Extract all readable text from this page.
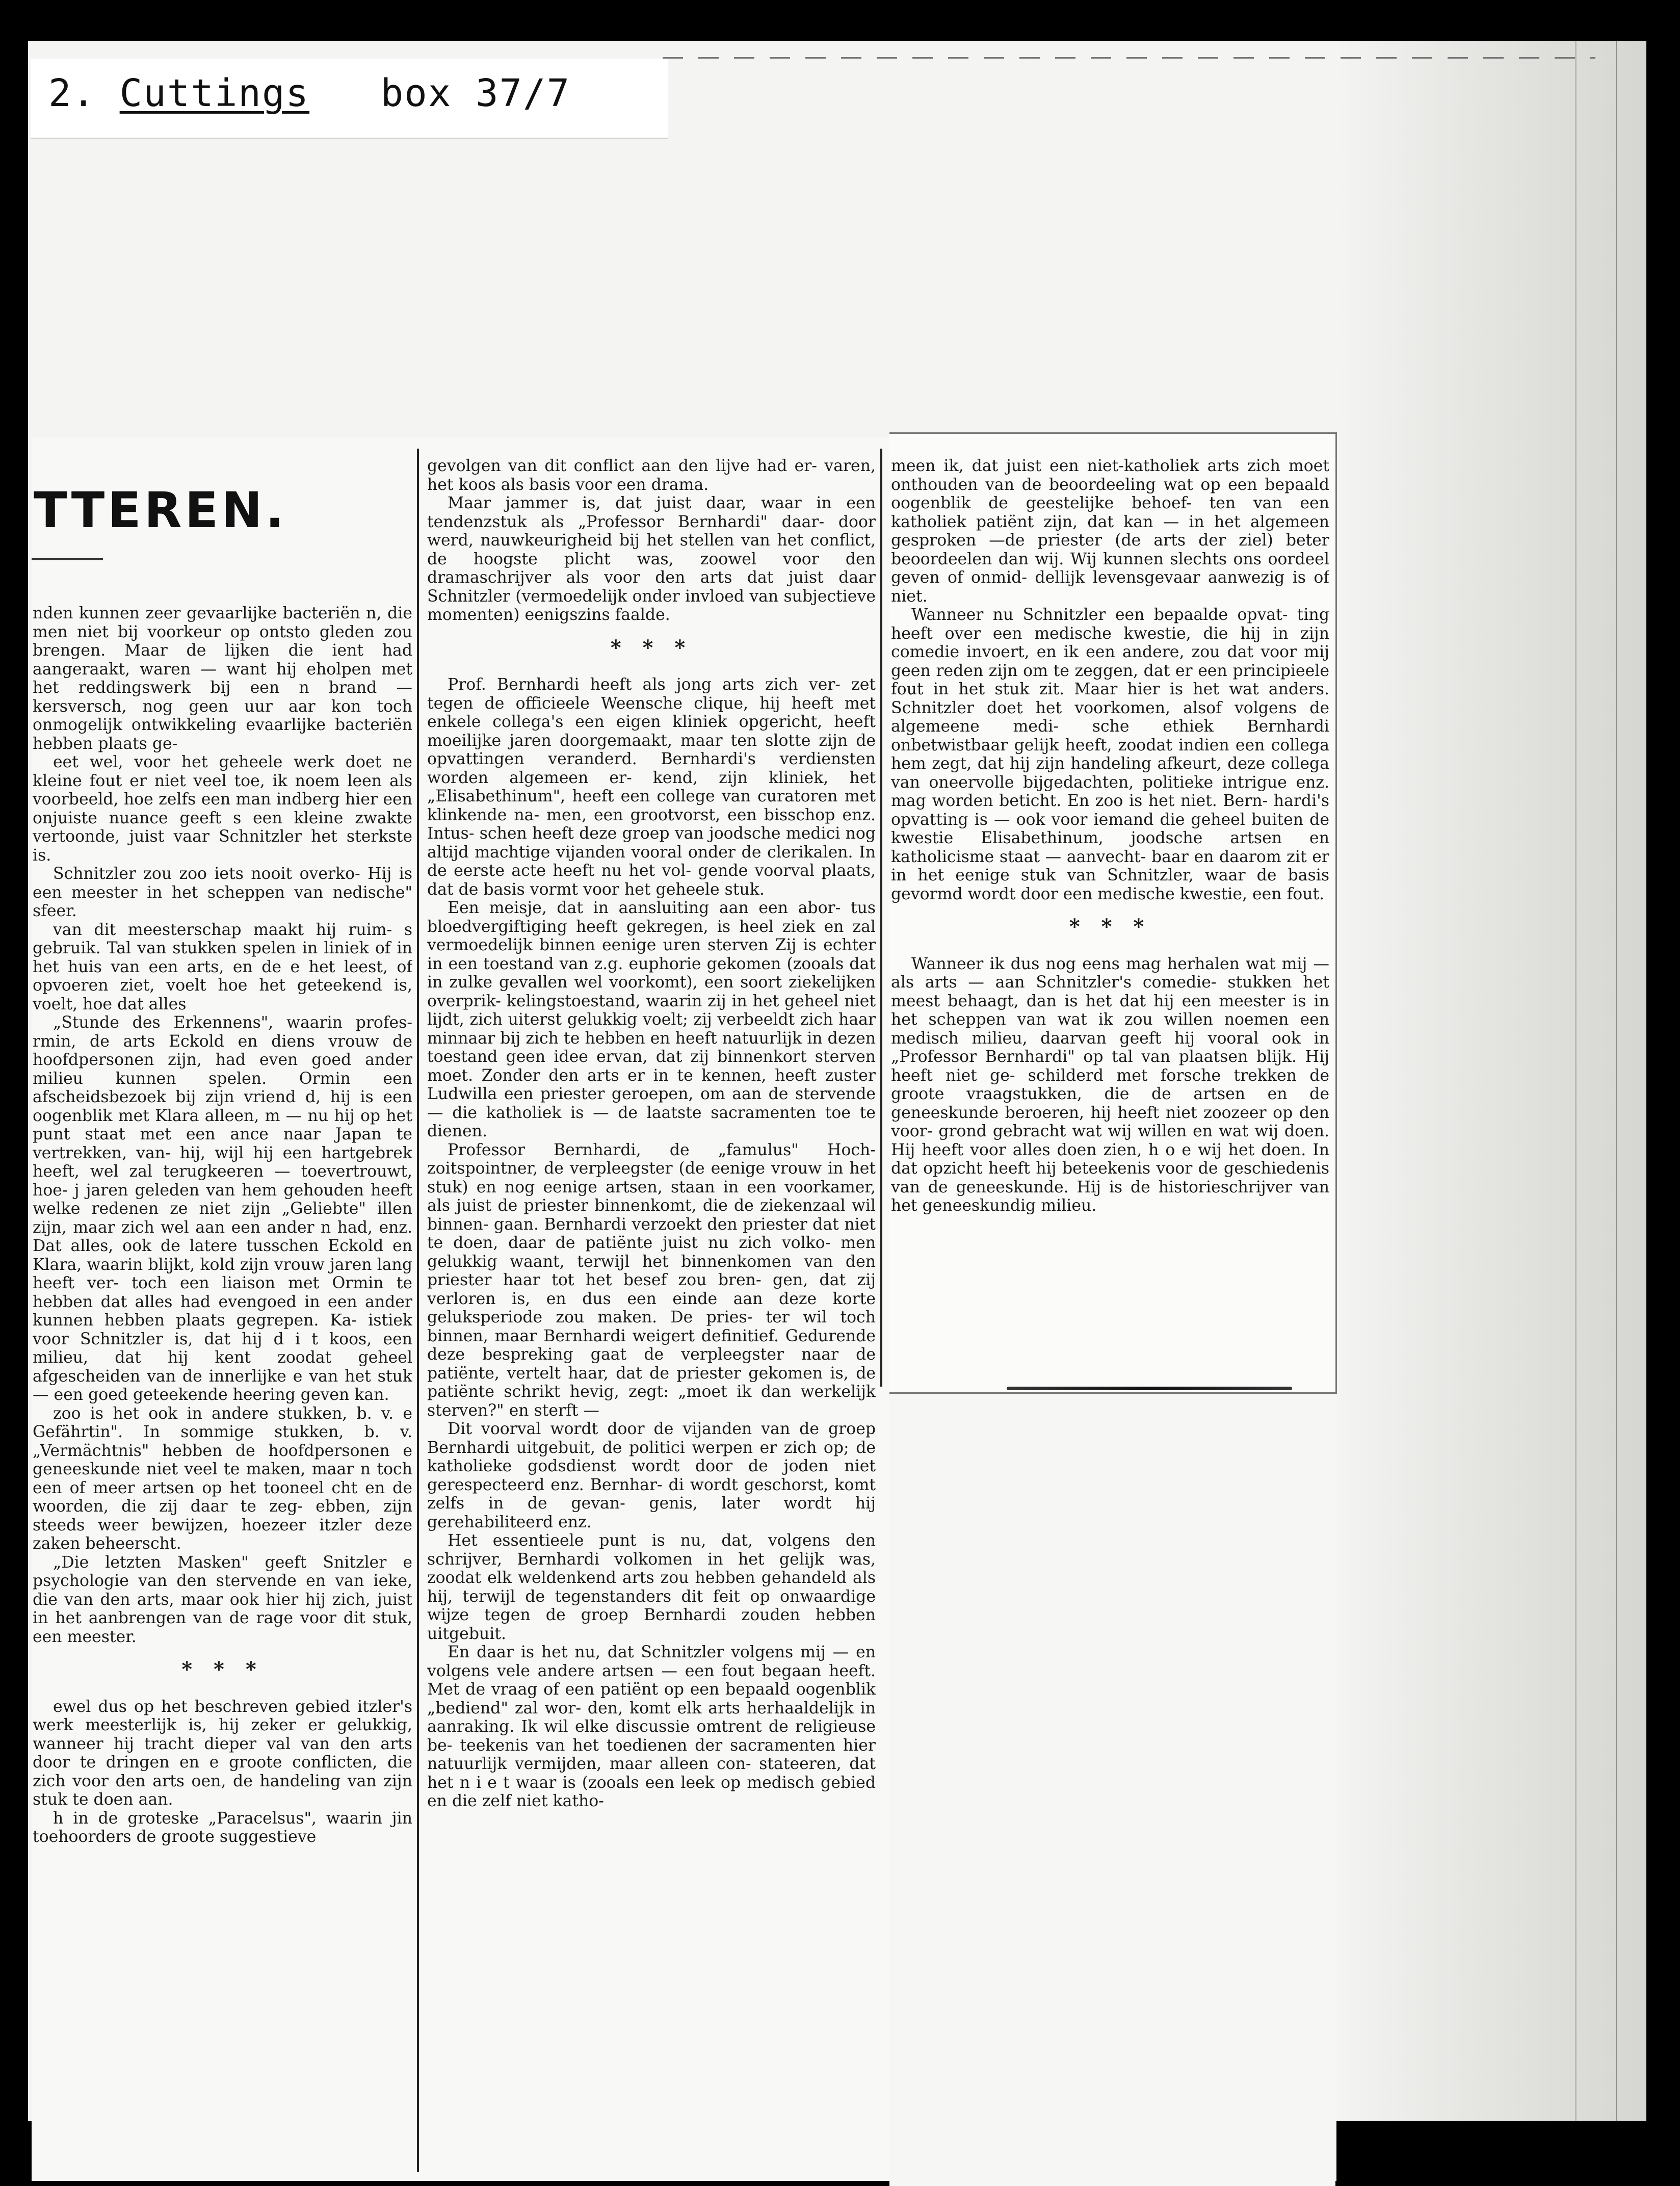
2. Cuttings box 37/7
TTEREN.

nden kunnen zeer gevaarlijke bacteriën n, die men niet bij voorkeur op ontsto gleden zou brengen. Maar de lijken die ient had aangeraakt, waren — want hij eholpen met het reddingswerk bij een n brand — kersversch, nog geen uur aar kon toch onmogelijk ontwikkeling evaarlijke bacteriën hebben plaats ge-

eet wel, voor het geheele werk doet ne kleine fout er niet veel toe, ik noem leen als voorbeeld, hoe zelfs een man indberg hier een onjuiste nuance geeft s een kleine zwakte vertoonde, juist vaar Schnitzler het sterkste is.

Schnitzler zou zoo iets nooit overko- Hij is een meester in het scheppen van nedische" sfeer.

van dit meesterschap maakt hij ruim- s gebruik. Tal van stukken spelen in liniek of in het huis van een arts, en de e het leest, of opvoeren ziet, voelt hoe het geteekend is, voelt, hoe dat alles

„Stunde des Erkennens", waarin profes- rmin, de arts Eckold en diens vrouw de hoofdpersonen zijn, had even goed ander milieu kunnen spelen. Ormin een afscheidsbezoek bij zijn vriend d, hij is een oogenblik met Klara alleen, m — nu hij op het punt staat met een ance naar Japan te vertrekken, van- hij, wijl hij een hartgebrek heeft, wel zal terugkeeren — toevertrouwt, hoe- j jaren geleden van hem gehouden heeft welke redenen ze niet zijn „Geliebte" illen zijn, maar zich wel aan een ander n had, enz. Dat alles, ook de latere tusschen Eckold en Klara, waarin blijkt, kold zijn vrouw jaren lang heeft ver- toch een liaison met Ormin te hebben dat alles had evengoed in een ander kunnen hebben plaats gegrepen. Ka- istiek voor Schnitzler is, dat hij d i t koos, een milieu, dat hij kent zoodat geheel afgescheiden van de innerlijke e van het stuk — een goed geteekende heering geven kan.

zoo is het ook in andere stukken, b. v. e Gefährtin". In sommige stukken, b. v. „Vermächtnis" hebben de hoofdpersonen e geneeskunde niet veel te maken, maar n toch een of meer artsen op het tooneel cht en de woorden, die zij daar te zeg- ebben, zijn steeds weer bewijzen, hoezeer itzler deze zaken beheerscht.

„Die letzten Masken" geeft Snitzler e psychologie van den stervende en van ieke, die van den arts, maar ook hier hij zich, juist in het aanbrengen van de rage voor dit stuk, een meester.

* * *

ewel dus op het beschreven gebied itzler's werk meesterlijk is, hij zeker er gelukkig, wanneer hij tracht dieper val van den arts door te dringen en e groote conflicten, die zich voor den arts oen, de handeling van zijn stuk te doen aan.

h in de groteske „Paracelsus", waarin jin toehoorders de groote suggestieve

gevolgen van dit conflict aan den lijve had er- varen, het koos als basis voor een drama.

Maar jammer is, dat juist daar, waar in een tendenzstuk als „Professor Bernhardi" daar- door werd, nauwkeurigheid bij het stellen van het conflict, de hoogste plicht was, zoowel voor den dramaschrijver als voor den arts dat juist daar Schnitzler (vermoedelijk onder invloed van subjectieve momenten) eenigszins faalde.

* * *

Prof. Bernhardi heeft als jong arts zich ver- zet tegen de officieele Weensche clique, hij heeft met enkele collega's een eigen kliniek opgericht, heeft moeilijke jaren doorgemaakt, maar ten slotte zijn de opvattingen veranderd. Bernhardi's verdiensten worden algemeen er- kend, zijn kliniek, het „Elisabethinum", heeft een college van curatoren met klinkende na- men, een grootvorst, een bisschop enz. Intus- schen heeft deze groep van joodsche medici nog altijd machtige vijanden vooral onder de clerikalen. In de eerste acte heeft nu het vol- gende voorval plaats, dat de basis vormt voor het geheele stuk.

Een meisje, dat in aansluiting aan een abor- tus bloedvergiftiging heeft gekregen, is heel ziek en zal vermoedelijk binnen eenige uren sterven Zij is echter in een toestand van z.g. euphorie gekomen (zooals dat in zulke gevallen wel voorkomt), een soort ziekelijken overprik- kelingstoestand, waarin zij in het geheel niet lijdt, zich uiterst gelukkig voelt; zij verbeeldt zich haar minnaar bij zich te hebben en heeft natuurlijk in dezen toestand geen idee ervan, dat zij binnenkort sterven moet. Zonder den arts er in te kennen, heeft zuster Ludwilla een priester geroepen, om aan de stervende — die katholiek is — de laatste sacramenten toe te dienen.

Professor Bernhardi, de „famulus" Hoch- zoitspointner, de verpleegster (de eenige vrouw in het stuk) en nog eenige artsen, staan in een voorkamer, als juist de priester binnenkomt, die de ziekenzaal wil binnen- gaan. Bernhardi verzoekt den priester dat niet te doen, daar de patiënte juist nu zich volko- men gelukkig waant, terwijl het binnenkomen van den priester haar tot het besef zou bren- gen, dat zij verloren is, en dus een einde aan deze korte geluksperiode zou maken. De pries- ter wil toch binnen, maar Bernhardi weigert definitief. Gedurende deze bespreking gaat de verpleegster naar de patiënte, vertelt haar, dat de priester gekomen is, de patiënte schrikt hevig, zegt: „moet ik dan werkelijk sterven?" en sterft —

Dit voorval wordt door de vijanden van de groep Bernhardi uitgebuit, de politici werpen er zich op; de katholieke godsdienst wordt door de joden niet gerespecteerd enz. Bernhar- di wordt geschorst, komt zelfs in de gevan- genis, later wordt hij gerehabiliteerd enz.

Het essentieele punt is nu, dat, volgens den schrijver, Bernhardi volkomen in het gelijk was, zoodat elk weldenkend arts zou hebben gehandeld als hij, terwijl de tegenstanders dit feit op onwaardige wijze tegen de groep Bernhardi zouden hebben uitgebuit.

En daar is het nu, dat Schnitzler volgens mij — en volgens vele andere artsen — een fout begaan heeft. Met de vraag of een patiënt op een bepaald oogenblik „bediend" zal wor- den, komt elk arts herhaaldelijk in aanraking. Ik wil elke discussie omtrent de religieuse be- teekenis van het toedienen der sacramenten hier natuurlijk vermijden, maar alleen con- stateeren, dat het n i e t waar is (zooals een leek op medisch gebied en die zelf niet katho-

meen ik, dat juist een niet-katholiek arts zich moet onthouden van de beoordeeling wat op een bepaald oogenblik de geestelijke behoef- ten van een katholiek patiënt zijn, dat kan — in het algemeen gesproken —de priester (de arts der ziel) beter beoordeelen dan wij. Wij kunnen slechts ons oordeel geven of onmid- dellijk levensgevaar aanwezig is of niet.

Wanneer nu Schnitzler een bepaalde opvat- ting heeft over een medische kwestie, die hij in zijn comedie invoert, en ik een andere, zou dat voor mij geen reden zijn om te zeggen, dat er een principieele fout in het stuk zit. Maar hier is het wat anders. Schnitzler doet het voorkomen, alsof volgens de algemeene medi- sche ethiek Bernhardi onbetwistbaar gelijk heeft, zoodat indien een collega hem zegt, dat hij zijn handeling afkeurt, deze collega van oneervolle bijgedachten, politieke intrigue enz. mag worden beticht. En zoo is het niet. Bern- hardi's opvatting is — ook voor iemand die geheel buiten de kwestie Elisabethinum, joodsche artsen en katholicisme staat — aanvecht- baar en daarom zit er in het eenige stuk van Schnitzler, waar de basis gevormd wordt door een medische kwestie, een fout.

* * *

Wanneer ik dus nog eens mag herhalen wat mij — als arts — aan Schnitzler's comedie- stukken het meest behaagt, dan is het dat hij een meester is in het scheppen van wat ik zou willen noemen een medisch milieu, daarvan geeft hij vooral ook in „Professor Bernhardi" op tal van plaatsen blijk. Hij heeft niet ge- schilderd met forsche trekken de groote vraagstukken, die de artsen en de geneeskunde beroeren, hij heeft niet zoozeer op den voor- grond gebracht wat wij willen en wat wij doen. Hij heeft voor alles doen zien, h o e wij het doen. In dat opzicht heeft hij beteekenis voor de geschiedenis van de geneeskunde. Hij is de historieschrijver van het geneeskundig milieu.
